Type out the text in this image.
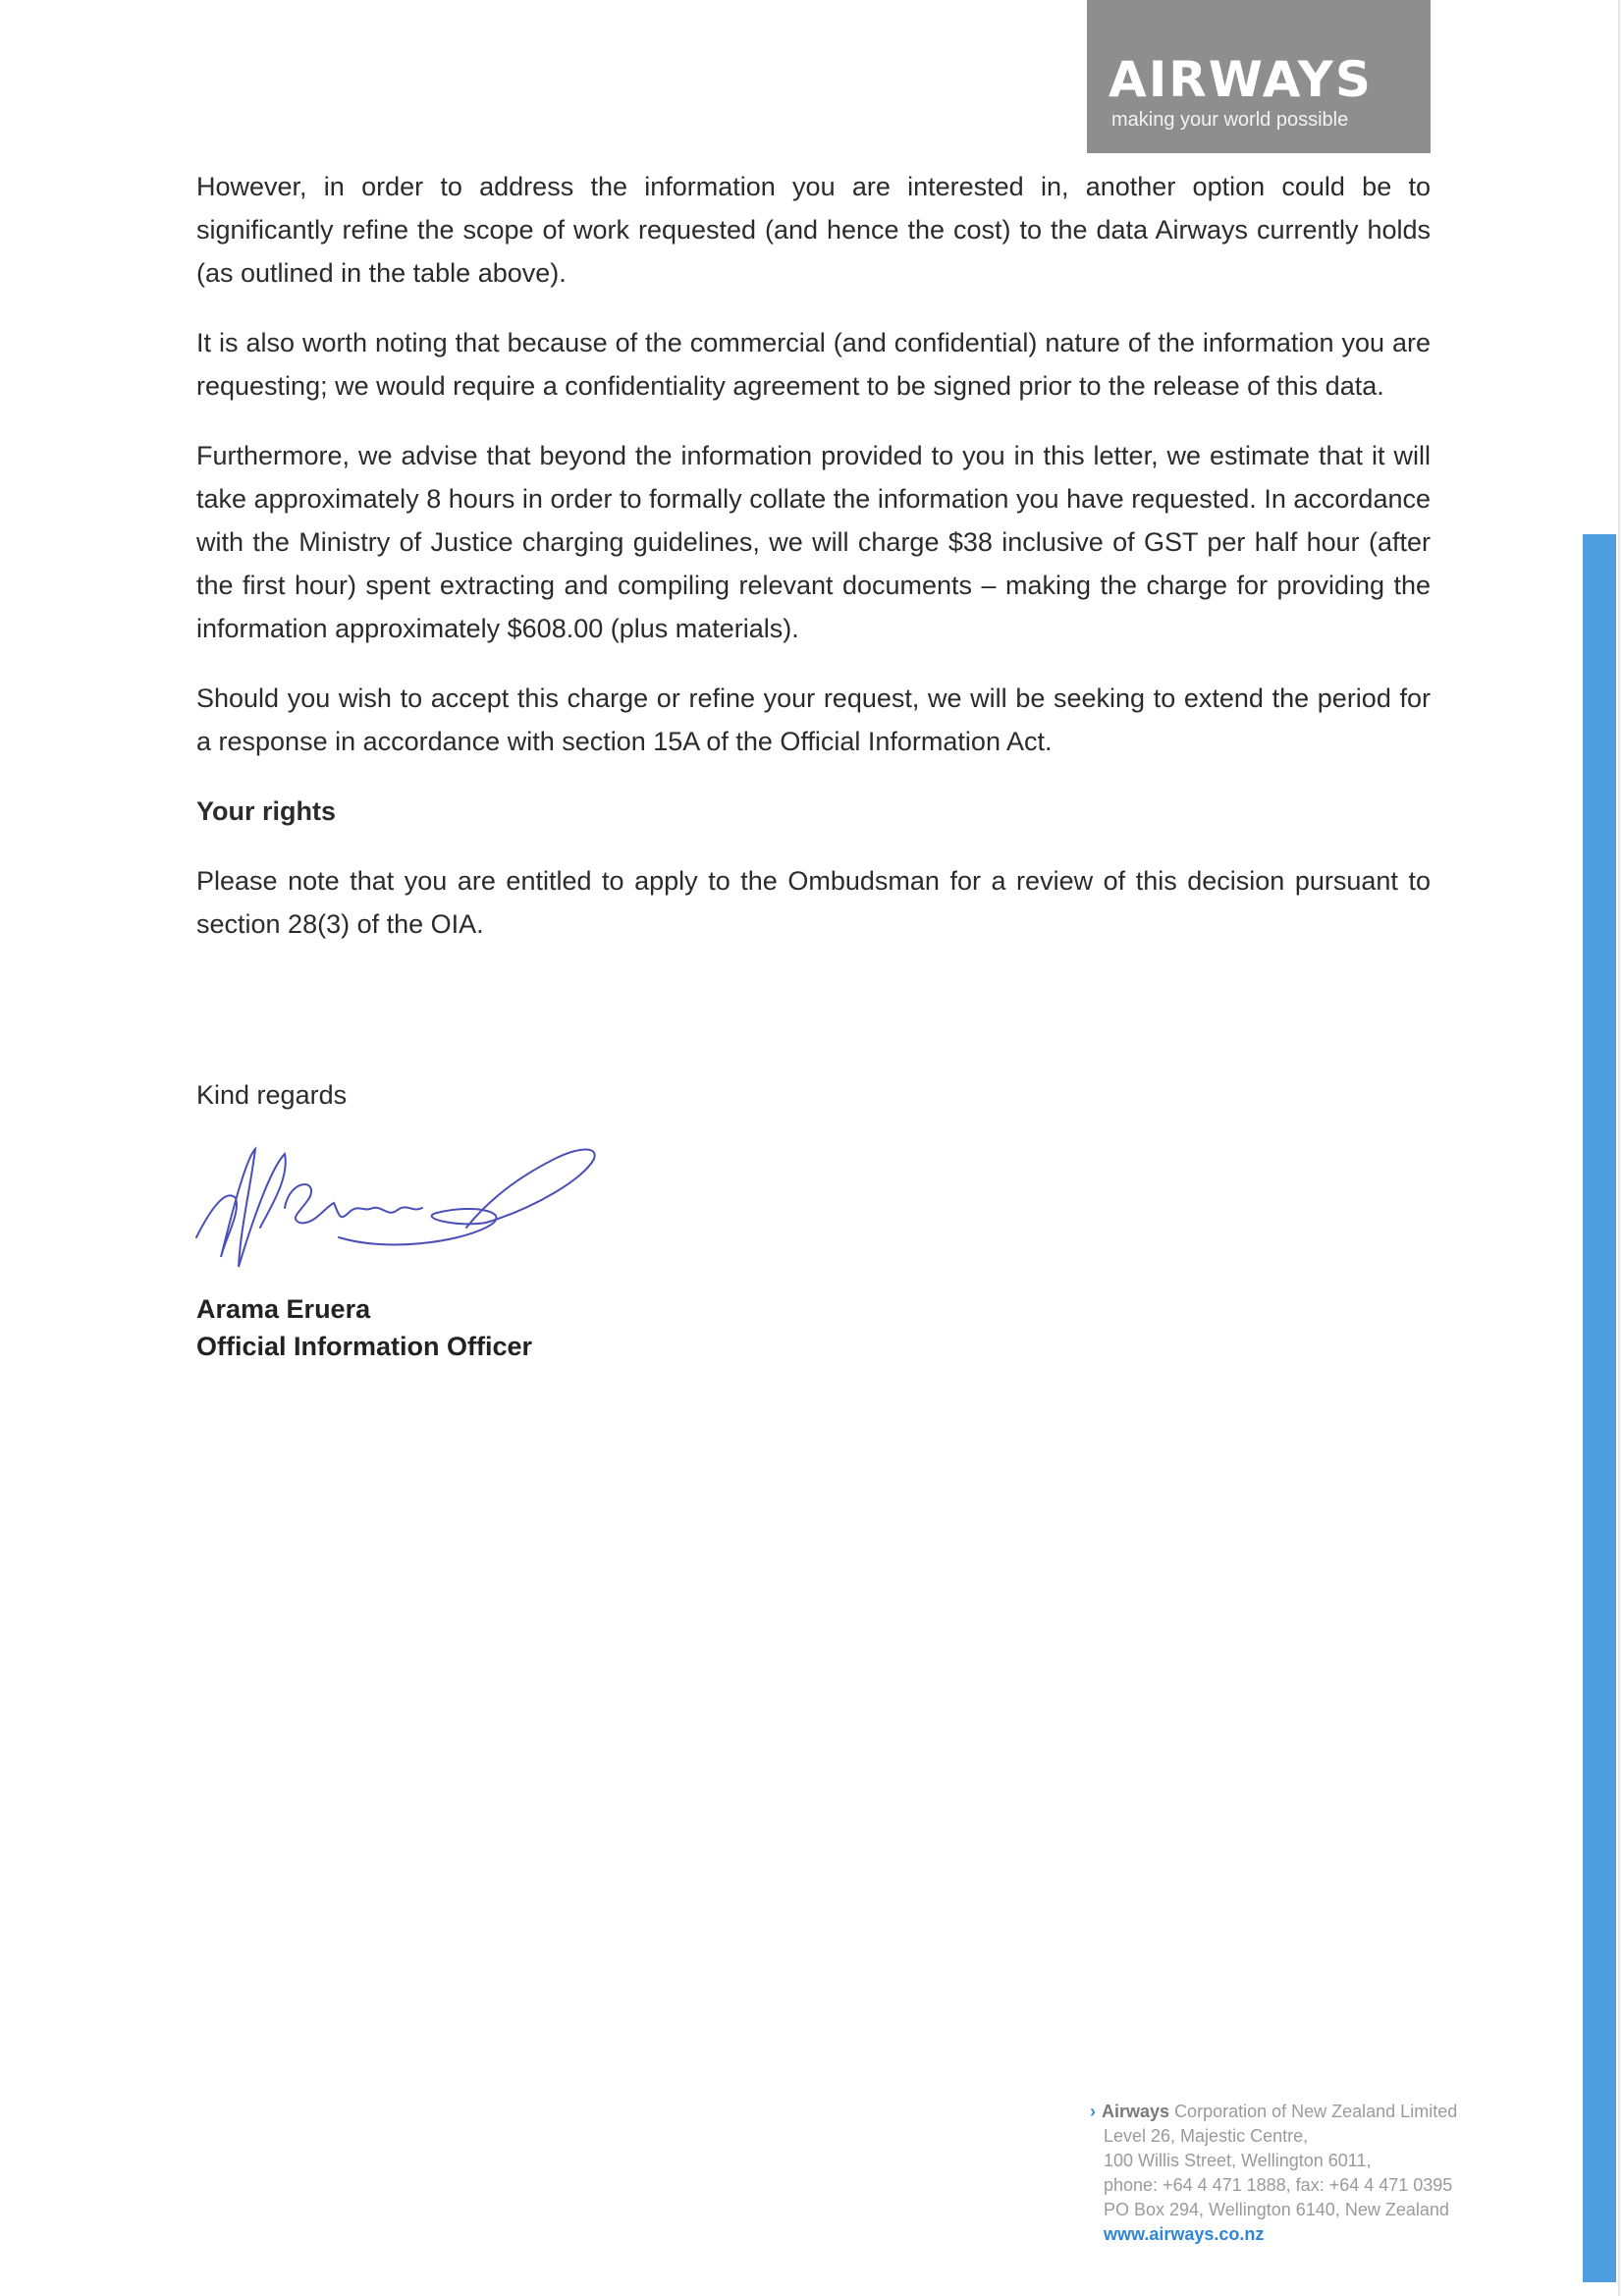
AIRWAYS
making your world possible

However, in order to address the information you are interested in, another option could be to significantly refine the scope of work requested (and hence the cost) to the data Airways currently holds (as outlined in the table above).

It is also worth noting that because of the commercial (and confidential) nature of the information you are requesting; we would require a confidentiality agreement to be signed prior to the release of this data.

Furthermore, we advise that beyond the information provided to you in this letter, we estimate that it will take approximately 8 hours in order to formally collate the information you have requested. In accordance with the Ministry of Justice charging guidelines, we will charge $38 inclusive of GST per half hour (after the first hour) spent extracting and compiling relevant documents – making the charge for providing the information approximately $608.00 (plus materials).

Should you wish to accept this charge or refine your request, we will be seeking to extend the period for a response in accordance with section 15A of the Official Information Act.

Your rights

Please note that you are entitled to apply to the Ombudsman for a review of this decision pursuant to section 28(3) of the OIA.

Kind regards
Arama Eruera
Official Information Officer
› Airways Corporation of New Zealand Limited
Level 26, Majestic Centre,
100 Willis Street, Wellington 6011,
phone: +64 4 471 1888, fax: +64 4 471 0395
PO Box 294, Wellington 6140, New Zealand
www.airways.co.nz
